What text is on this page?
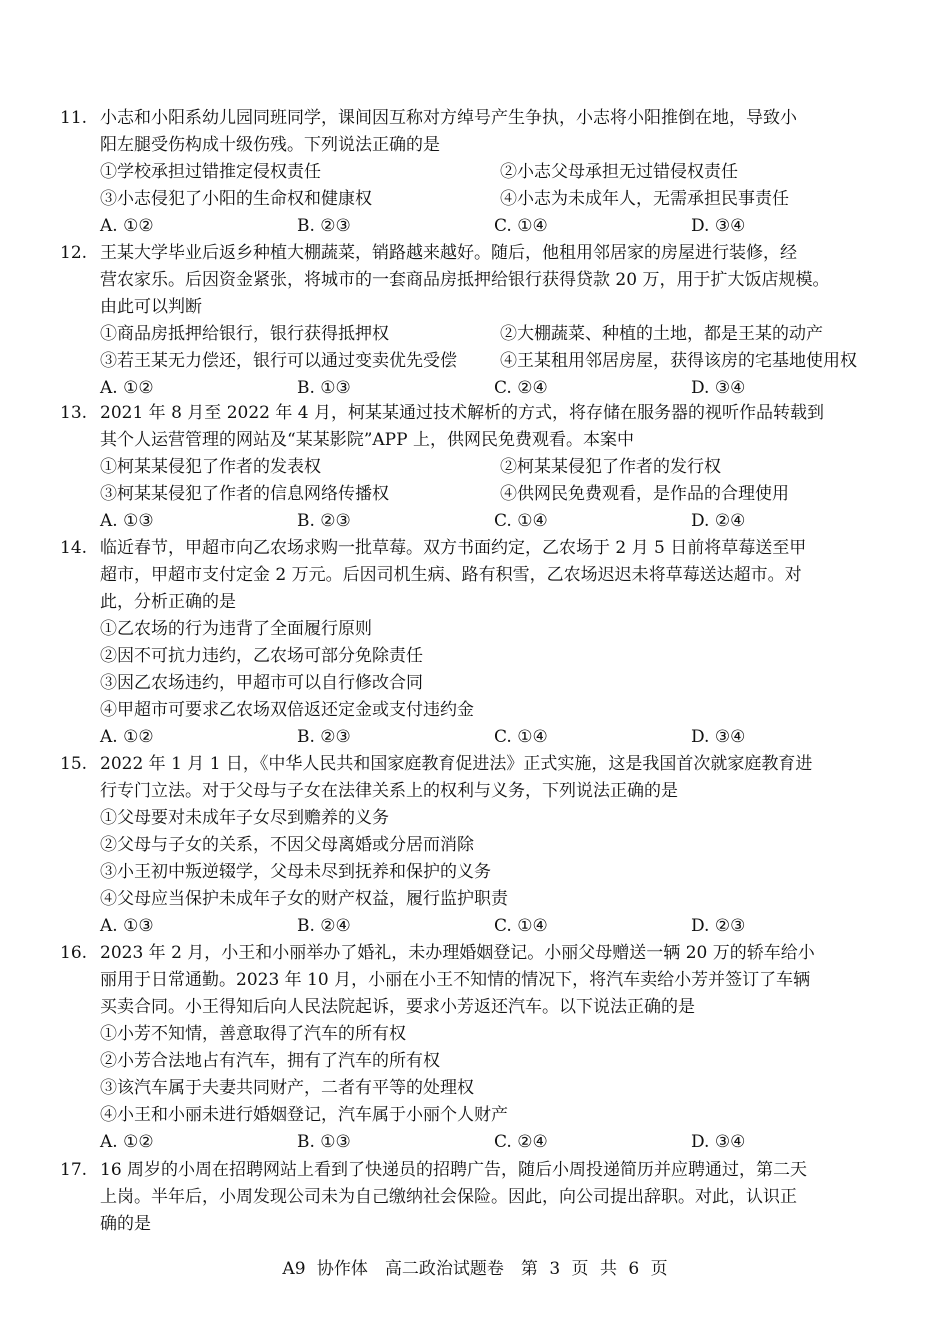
11. 小志和小阳系幼儿园同班同学，课间因互称对方绰号产生争执，小志将小阳推倒在地，导致小
阳左腿受伤构成十级伤残。下列说法正确的是
①学校承担过错推定侵权责任	②小志父母承担无过错侵权责任
③小志侵犯了小阳的生命权和健康权	④小志为未成年人，无需承担民事责任
A. ①②	B. ②③	C. ①④	D. ③④
12. 王某大学毕业后返乡种植大棚蔬菜，销路越来越好。随后，他租用邻居家的房屋进行装修，经
营农家乐。后因资金紧张，将城市的一套商品房抵押给银行获得贷款 20 万，用于扩大饭店规模。
由此可以判断
①商品房抵押给银行，银行获得抵押权	②大棚蔬菜、种植的土地，都是王某的动产
③若王某无力偿还，银行可以通过变卖优先受偿	④王某租用邻居房屋，获得该房的宅基地使用权
A. ①②	B. ①③	C. ②④	D. ③④
13. 2021 年 8 月至 2022 年 4 月，柯某某通过技术解析的方式，将存储在服务器的视听作品转载到
其个人运营管理的网站及“某某影院”APP 上，供网民免费观看。本案中
①柯某某侵犯了作者的发表权	②柯某某侵犯了作者的发行权
③柯某某侵犯了作者的信息网络传播权	④供网民免费观看，是作品的合理使用
A. ①③	B. ②③	C. ①④	D. ②④
14. 临近春节，甲超市向乙农场求购一批草莓。双方书面约定，乙农场于 2 月 5 日前将草莓送至甲
超市，甲超市支付定金 2 万元。后因司机生病、路有积雪，乙农场迟迟未将草莓送达超市。对
此，分析正确的是
①乙农场的行为违背了全面履行原则
②因不可抗力违约，乙农场可部分免除责任
③因乙农场违约，甲超市可以自行修改合同
④甲超市可要求乙农场双倍返还定金或支付违约金
A. ①②	B. ②③	C. ①④	D. ③④
15. 2022 年 1 月 1 日，《中华人民共和国家庭教育促进法》正式实施，这是我国首次就家庭教育进
行专门立法。对于父母与子女在法律关系上的权利与义务，下列说法正确的是
①父母要对未成年子女尽到赡养的义务
②父母与子女的关系，不因父母离婚或分居而消除
③小王初中叛逆辍学，父母未尽到抚养和保护的义务
④父母应当保护未成年子女的财产权益，履行监护职责
A. ①③	B. ②④	C. ①④	D. ②③
16. 2023 年 2 月，小王和小丽举办了婚礼，未办理婚姻登记。小丽父母赠送一辆 20 万的轿车给小
丽用于日常通勤。2023 年 10 月，小丽在小王不知情的情况下，将汽车卖给小芳并签订了车辆
买卖合同。小王得知后向人民法院起诉，要求小芳返还汽车。以下说法正确的是
①小芳不知情，善意取得了汽车的所有权
②小芳合法地占有汽车，拥有了汽车的所有权
③该汽车属于夫妻共同财产，二者有平等的处理权
④小王和小丽未进行婚姻登记，汽车属于小丽个人财产
A. ①②	B. ①③	C. ②④	D. ③④
17. 16 周岁的小周在招聘网站上看到了快递员的招聘广告，随后小周投递简历并应聘通过，第二天
上岗。半年后，小周发现公司未为自己缴纳社会保险。因此，向公司提出辞职。对此，认识正
确的是
A9 协作体　高二政治试题卷　第 3 页 共 6 页
